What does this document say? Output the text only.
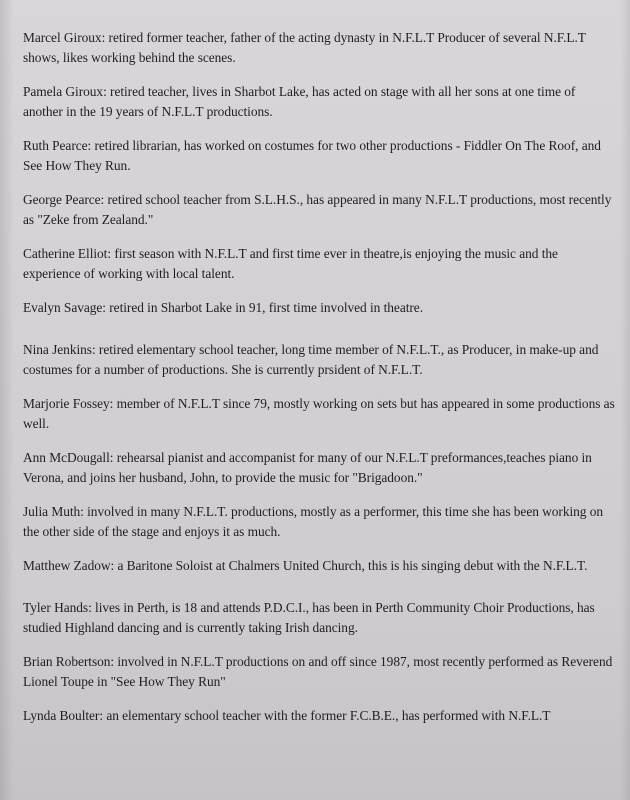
Marcel Giroux: retired former teacher, father of the acting dynasty in N.F.L.T Producer of several N.F.L.T shows, likes working behind the scenes.
Pamela Giroux: retired teacher, lives in Sharbot Lake, has acted on stage with all her sons at one time of another in the 19 years of N.F.L.T productions.
Ruth Pearce: retired librarian, has worked on costumes for two other productions - Fiddler On The Roof, and See How They Run.
George Pearce: retired school teacher from S.L.H.S., has appeared in many N.F.L.T productions, most recently as "Zeke from Zealand."
Catherine Elliot: first season with N.F.L.T and first time ever in theatre,is enjoying the music and the experience of working with local talent.
Evalyn Savage: retired in Sharbot Lake in 91, first time involved in theatre.
Nina Jenkins: retired elementary school teacher, long time member of N.F.L.T., as Producer, in make-up and costumes for a number of productions. She is currently prsident of N.F.L.T.
Marjorie Fossey: member of N.F.L.T since 79, mostly working on sets but has appeared in some productions as well.
Ann McDougall: rehearsal pianist and accompanist for many of our N.F.L.T preformances,teaches piano in Verona, and joins her husband, John, to provide the music for "Brigadoon."
Julia Muth: involved in many N.F.L.T. productions, mostly as a performer, this time she has been working on the other side of the stage and enjoys it as much.
Matthew Zadow: a Baritone Soloist at Chalmers United Church, this is his singing debut with the N.F.L.T.
Tyler Hands: lives in Perth, is 18 and attends P.D.C.I., has been in Perth Community Choir Productions, has studied Highland dancing and is currently taking Irish dancing.
Brian Robertson: involved in N.F.L.T productions on and off since 1987, most recently performed as Reverend Lionel Toupe in "See How They Run"
Lynda Boulter: an elementary school teacher with the former F.C.B.E., has performed with N.F.L.T
